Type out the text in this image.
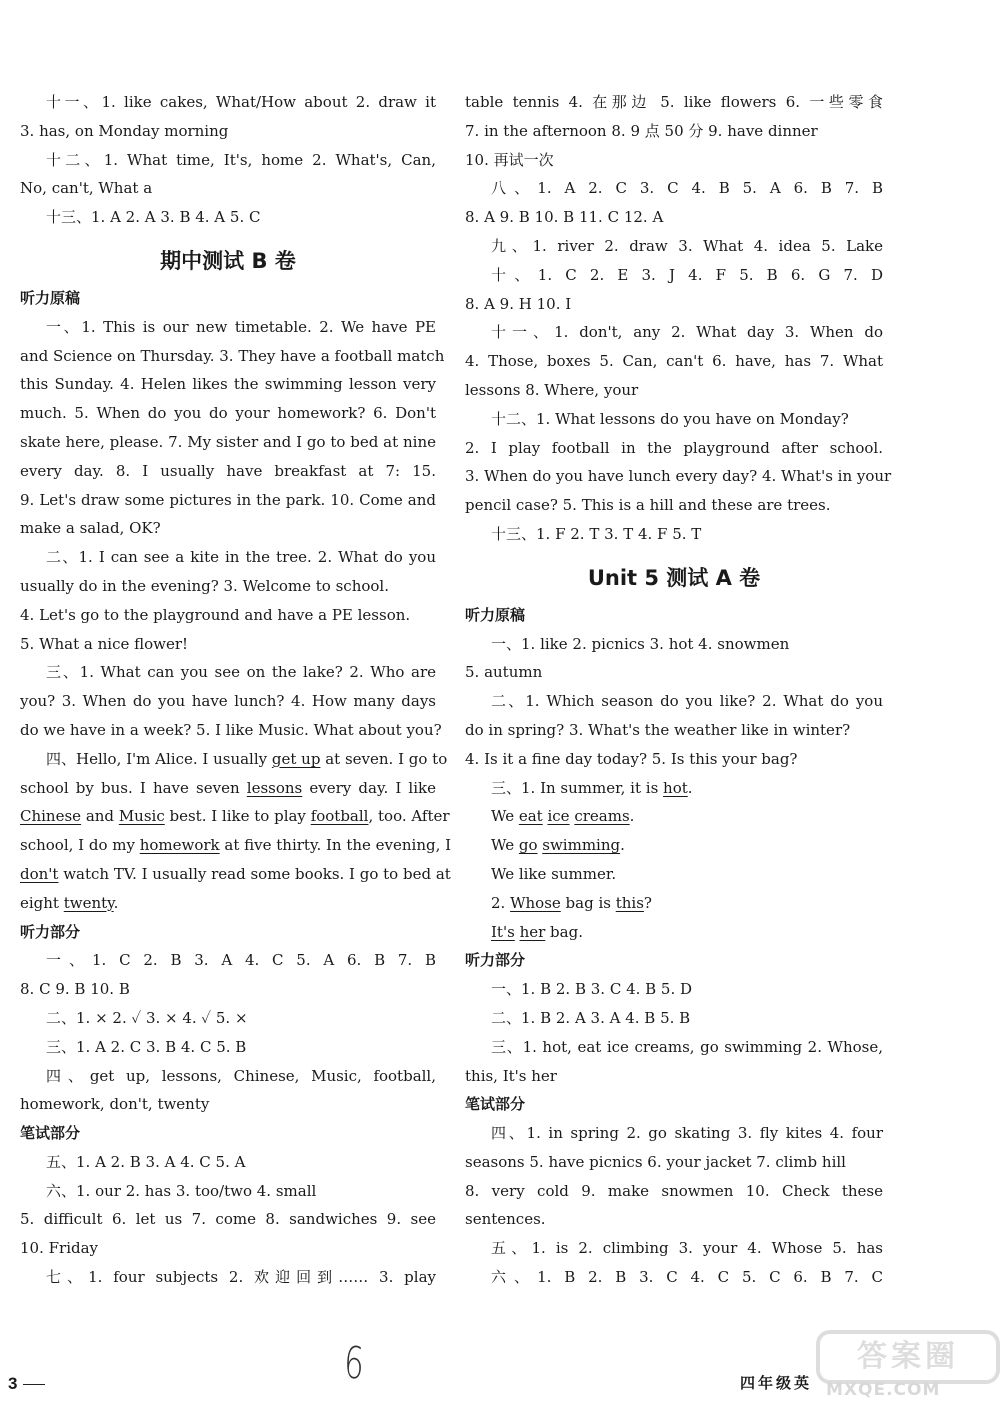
十一、1. like cakes, What/How about 2. draw it
3. has, on Monday morning
十二、1. What time, It's, home 2. What's, Can,
No, can't, What a
十三、1. A 2. A 3. B 4. A 5. C
期中测试 B 卷
听力原稿
一、1. This is our new timetable. 2. We have PE
and Science on Thursday. 3. They have a football match
this Sunday. 4. Helen likes the swimming lesson very
much. 5. When do you do your homework? 6. Don't
skate here, please. 7. My sister and I go to bed at nine
every day. 8. I usually have breakfast at 7: 15.
9. Let's draw some pictures in the park. 10. Come and
make a salad, OK?
二、1. I can see a kite in the tree. 2. What do you
usually do in the evening? 3. Welcome to school.
4. Let's go to the playground and have a PE lesson.
5. What a nice flower!
三、1. What can you see on the lake? 2. Who are
you? 3. When do you have lunch? 4. How many days
do we have in a week? 5. I like Music. What about you?
四、Hello, I'm Alice. I usually get up at seven. I go to
school by bus. I have seven lessons every day. I like
Chinese and Music best. I like to play football, too. After
school, I do my homework at five thirty. In the evening, I
don't watch TV. I usually read some books. I go to bed at
eight twenty.
听力部分
一、1. C 2. B 3. A 4. C 5. A 6. B 7. B
8. C 9. B 10. B
二、1. × 2. ✓ 3. × 4. ✓ 5. ×
三、1. A 2. C 3. B 4. C 5. B
四、get up, lessons, Chinese, Music, football,
homework, don't, twenty
笔试部分
五、1. A 2. B 3. A 4. C 5. A
六、1. our 2. has 3. too/two 4. small
5. difficult 6. let us 7. come 8. sandwiches 9. see
10. Friday
七、1. four subjects 2. 欢迎回到…… 3. play
table tennis 4. 在那边 5. like flowers 6. 一些零食
7. in the afternoon 8. 9 点 50 分 9. have dinner
10. 再试一次
八、1. A 2. C 3. C 4. B 5. A 6. B 7. B
8. A 9. B 10. B 11. C 12. A
九、1. river 2. draw 3. What 4. idea 5. Lake
十、1. C 2. E 3. J 4. F 5. B 6. G 7. D
8. A 9. H 10. I
十一、1. don't, any 2. What day 3. When do
4. Those, boxes 5. Can, can't 6. have, has 7. What
lessons 8. Where, your
十二、1. What lessons do you have on Monday?
2. I play football in the playground after school.
3. When do you have lunch every day? 4. What's in your
pencil case? 5. This is a hill and these are trees.
十三、1. F 2. T 3. T 4. F 5. T
Unit 5 测试 A 卷
听力原稿
一、1. like 2. picnics 3. hot 4. snowmen
5. autumn
二、1. Which season do you like? 2. What do you
do in spring? 3. What's the weather like in winter?
4. Is it a fine day today? 5. Is this your bag?
三、1. In summer, it is hot.
We eat ice creams.
We go swimming.
We like summer.
2. Whose bag is this?
It's her bag.
听力部分
一、1. B 2. B 3. C 4. B 5. D
二、1. B 2. A 3. A 4. B 5. B
三、1. hot, eat ice creams, go swimming 2. Whose,
this, It's her
笔试部分
四、1. in spring 2. go skating 3. fly kites 4. four
seasons 5. have picnics 6. your jacket 7. climb hill
8. very cold 9. make snowmen 10. Check these
sentences.
五、1. is 2. climbing 3. your 4. Whose 5. has
六、1. B 2. B 3. C 4. C 5. C 6. B 7. C
3	四年级英
6	答案圈
MXQE.COM
